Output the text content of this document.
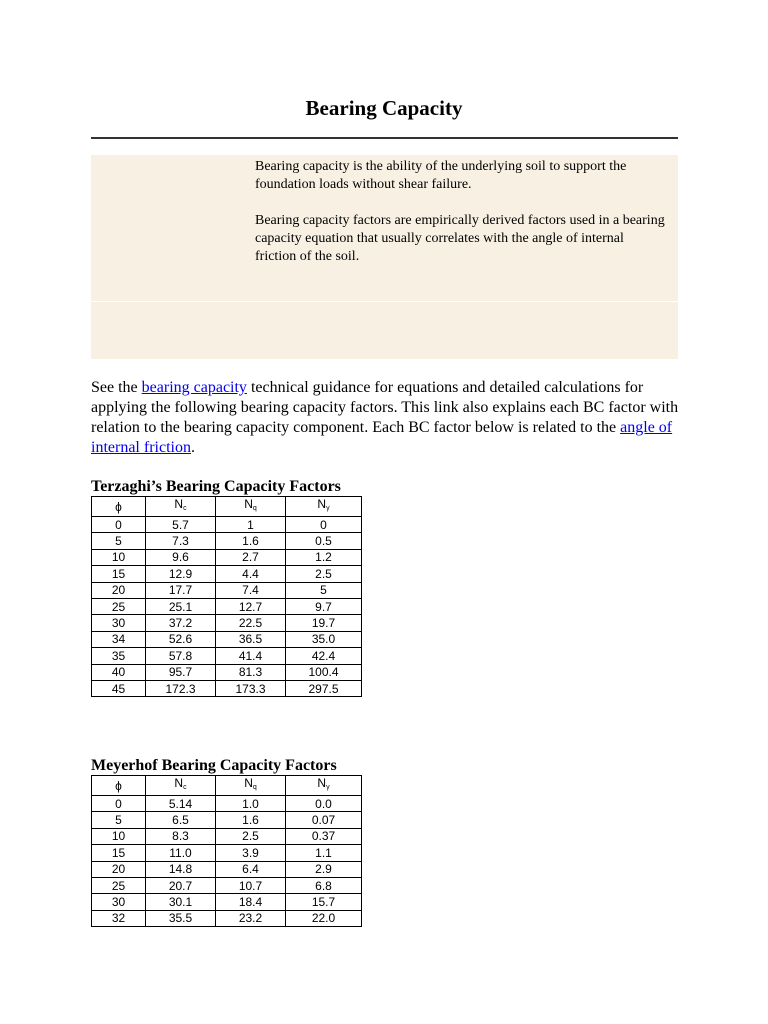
Bearing Capacity

Bearing capacity is the ability of the underlying soil to support the foundation loads without shear failure.

Bearing capacity factors are empirically derived factors used in a bearing capacity equation that usually correlates with the angle of internal friction of the soil.

See the bearing capacity technical guidance for equations and detailed calculations for applying the following bearing capacity factors. This link also explains each BC factor with relation to the bearing capacity component. Each BC factor below is related to the angle of internal friction.
Terzaghi’s Bearing Capacity Factors
ϕ	$N_c$	$N_q$	$N_\gamma$
0	5.7	1	0
5	7.3	1.6	0.5
10	9.6	2.7	1.2
15	12.9	4.4	2.5
20	17.7	7.4	5
25	25.1	12.7	9.7
30	37.2	22.5	19.7
34	52.6	36.5	35.0
35	57.8	41.4	42.4
40	95.7	81.3	100.4
45	172.3	173.3	297.5
Meyerhof Bearing Capacity Factors
ϕ	$N_c$	$N_q$	$N_\gamma$
0	5.14	1.0	0.0
5	6.5	1.6	0.07
10	8.3	2.5	0.37
15	11.0	3.9	1.1
20	14.8	6.4	2.9
25	20.7	10.7	6.8
30	30.1	18.4	15.7
32	35.5	23.2	22.0
